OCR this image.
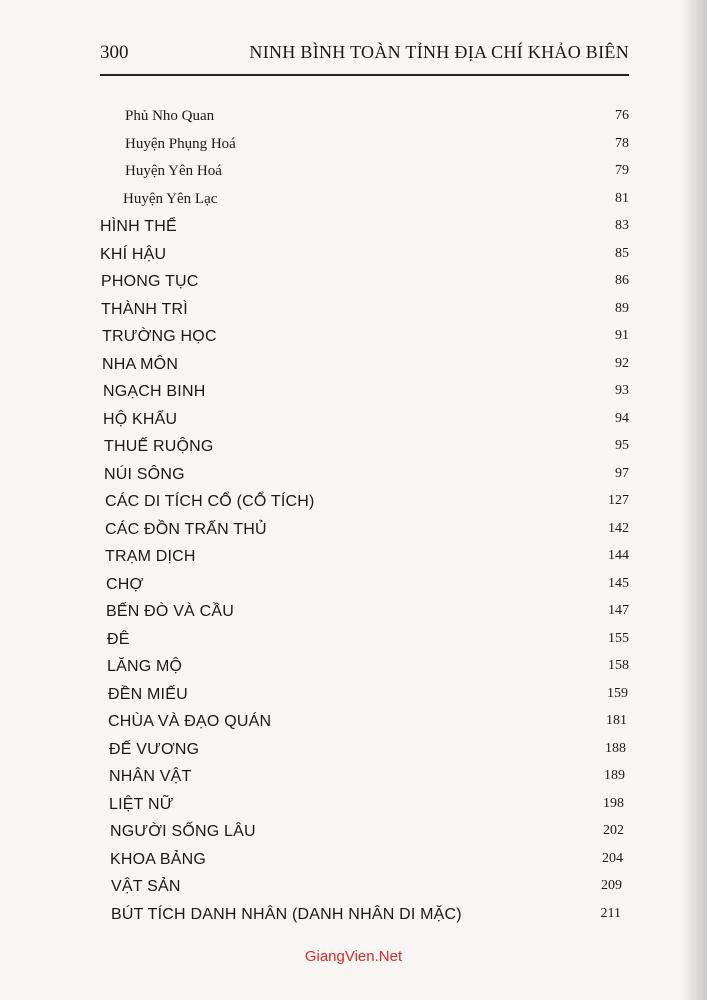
300	NINH BÌNH TOÀN TỈNH ĐỊA CHÍ KHẢO BIÊN
Phủ Nho Quan	76
Huyện Phụng Hoá	78
Huyện Yên Hoá	79
Huyện Yên Lạc	81
HÌNH THỂ	83
KHÍ HẬU	85
PHONG TỤC	86
THÀNH TRÌ	89
TRƯỜNG HỌC	91
NHA MÔN	92
NGẠCH BINH	93
HỘ KHẨU	94
THUẾ RUỘNG	95
NÚI SÔNG	97
CÁC DI TÍCH CỔ (CỔ TÍCH)	127
CÁC ĐỒN TRẤN THỦ	142
TRẠM DỊCH	144
CHỢ	145
BẾN ĐÒ VÀ CẦU	147
ĐÊ	155
LĂNG MỘ	158
ĐỀN MIẾU	159
CHÙA VÀ ĐẠO QUÁN	181
ĐẾ VƯƠNG	188
NHÂN VẬT	189
LIỆT NỮ	198
NGƯỜI SỐNG LÂU	202
KHOA BẢNG	204
VẬT SẢN	209
BÚT TÍCH DANH NHÂN (DANH NHÂN DI MẶC)	211
GiangVien.Net
